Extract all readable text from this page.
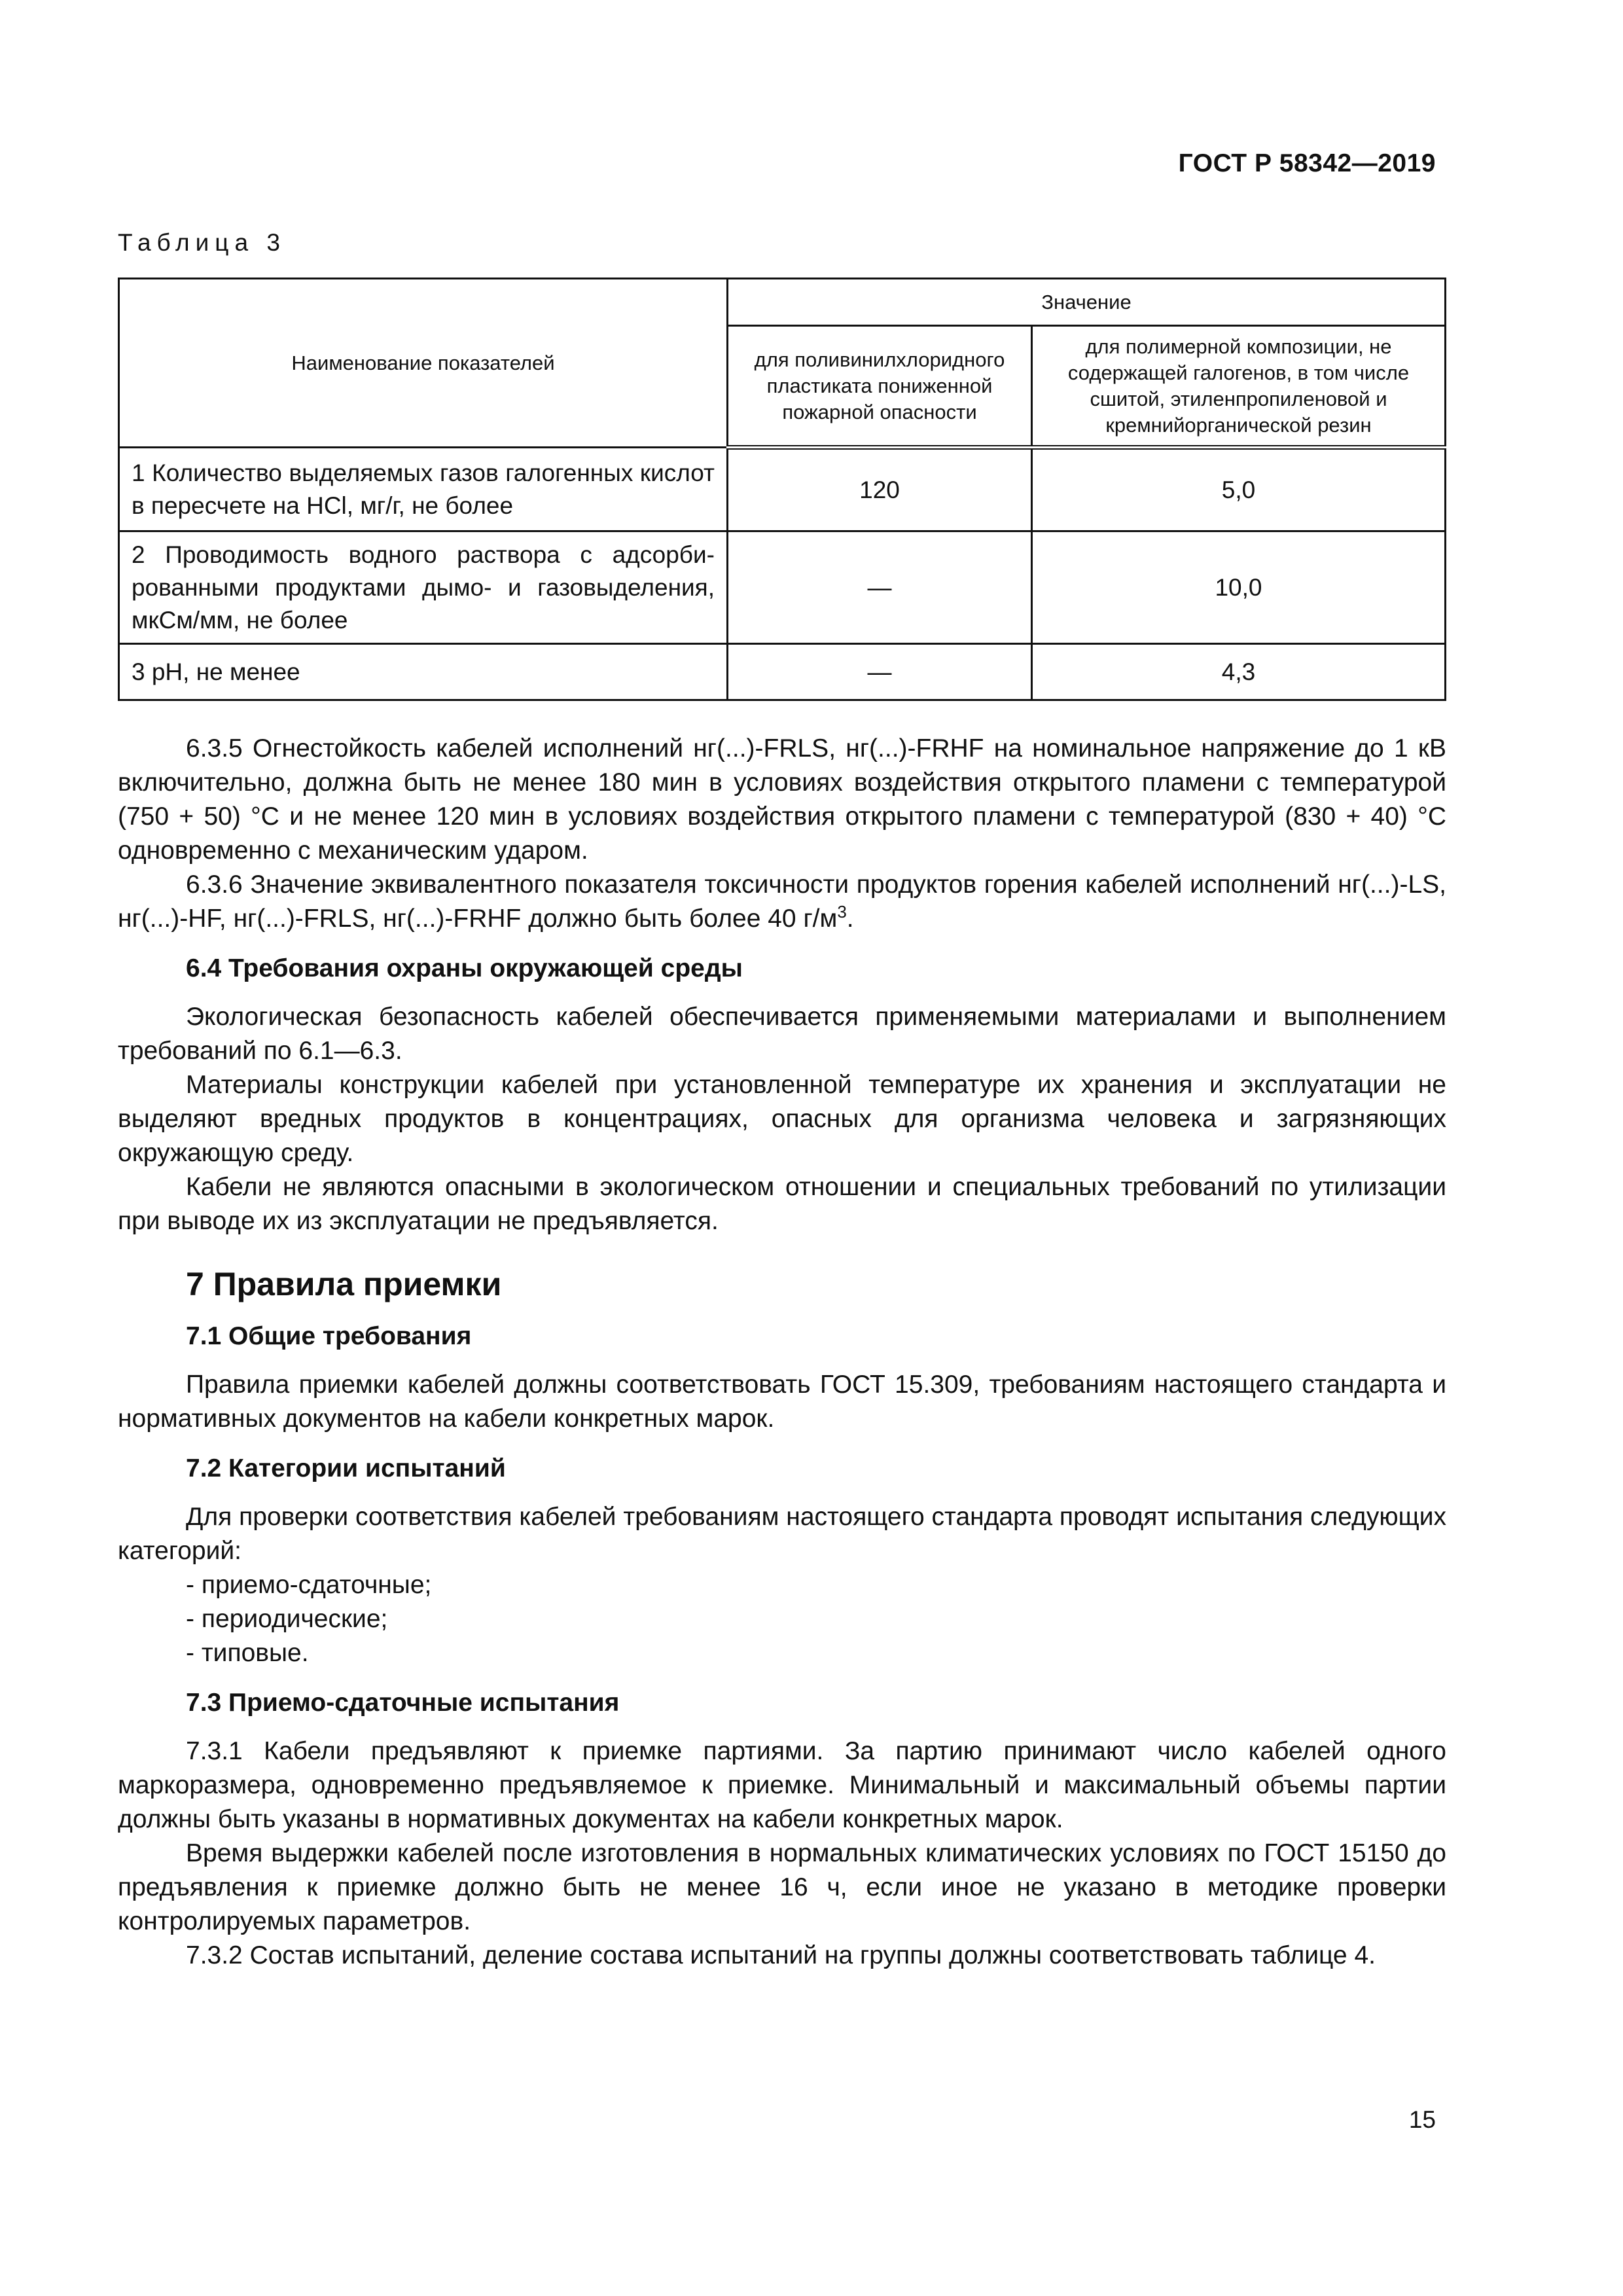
ГОСТ Р 58342—2019
Таблица 3
Наименование показателей	Значение	
	для поливинилхлоридного пластиката пониженной пожарной опасности	для полимерной композиции, не содержащей галогенов, в том числе сшитой, этиленпропиленовой и кремнийорганической резин
1 Количество выделяемых газов галогенных кислот в пересчете на HCl, мг/г, не более	120	5,0
2 Проводимость водного раствора с адсорбированными продуктами дымо- и газовыделения, мкСм/мм, не более	—	10,0
3 pH, не менее	—	4,3

6.3.5 Огнестойкость кабелей исполнений нг(...)-FRLS, нг(...)-FRHF на номинальное напряжение до 1 кВ включительно, должна быть не менее 180 мин в условиях воздействия открытого пламени с температурой (750 + 50) °С и не менее 120 мин в условиях воздействия открытого пламени с температурой (830 + 40) °С одновременно с механическим ударом.

6.3.6 Значение эквивалентного показателя токсичности продуктов горения кабелей исполнений нг(...)-LS, нг(...)-HF, нг(...)-FRLS, нг(...)-FRHF должно быть более 40 $г/м^3$.

6.4 Требования охраны окружающей среды

Экологическая безопасность кабелей обеспечивается применяемыми материалами и выполнением требований по 6.1—6.3.

Материалы конструкции кабелей при установленной температуре их хранения и эксплуатации не выделяют вредных продуктов в концентрациях, опасных для организма человека и загрязняющих окружающую среду.

Кабели не являются опасными в экологическом отношении и специальных требований по утилизации при выводе их из эксплуатации не предъявляется.

7 Правила приемки
7.1 Общие требования

Правила приемки кабелей должны соответствовать ГОСТ 15.309, требованиям настоящего стандарта и нормативных документов на кабели конкретных марок.

7.2 Категории испытаний

Для проверки соответствия кабелей требованиям настоящего стандарта проводят испытания следующих категорий:

- приемо-сдаточные;

- периодические;

- типовые.

7.3 Приемо-сдаточные испытания

7.3.1 Кабели предъявляют к приемке партиями. За партию принимают число кабелей одного маркоразмера, одновременно предъявляемое к приемке. Минимальный и максимальный объемы партии должны быть указаны в нормативных документах на кабели конкретных марок.

Время выдержки кабелей после изготовления в нормальных климатических условиях по ГОСТ 15150 до предъявления к приемке должно быть не менее 16 ч, если иное не указано в методике проверки контролируемых параметров.

7.3.2 Состав испытаний, деление состава испытаний на группы должны соответствовать таблице 4.

15
